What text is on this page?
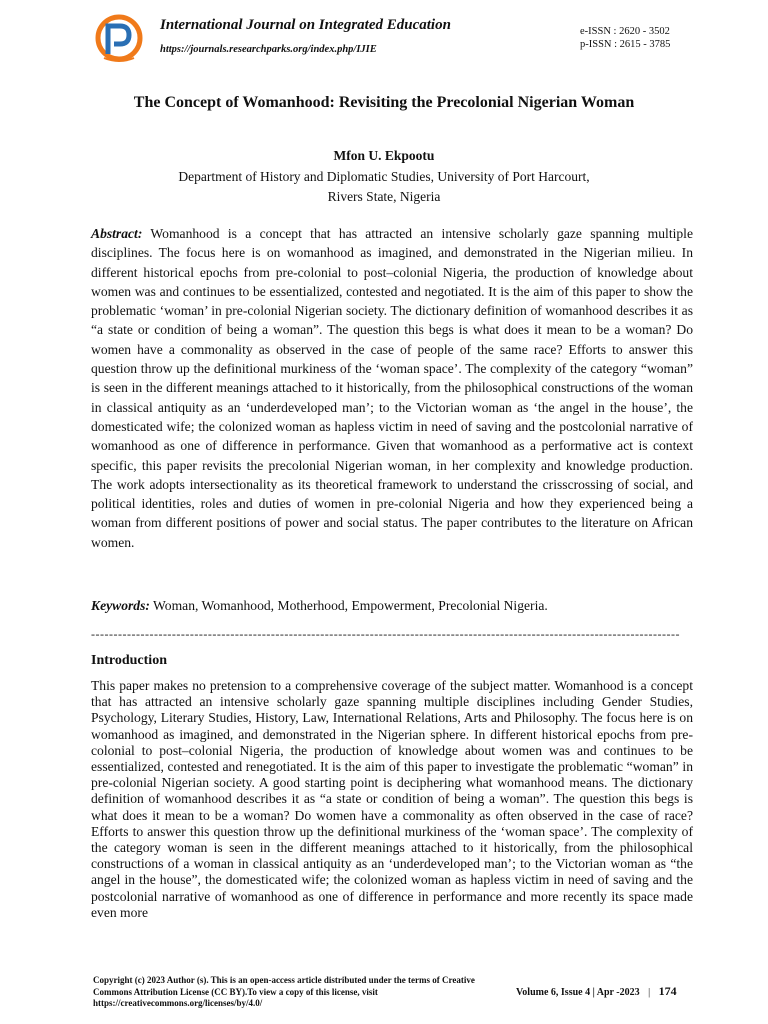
International Journal on Integrated Education
https://journals.researchparks.org/index.php/IJIE
e-ISSN : 2620 - 3502
p-ISSN : 2615 - 3785
The Concept of Womanhood: Revisiting the Precolonial Nigerian Woman
Mfon U. Ekpootu
Department of History and Diplomatic Studies, University of Port Harcourt,
Rivers State, Nigeria

Abstract: Womanhood is a concept that has attracted an intensive scholarly gaze spanning multiple disciplines. The focus here is on womanhood as imagined, and demonstrated in the Nigerian milieu. In different historical epochs from pre-colonial to post–colonial Nigeria, the production of knowledge about women was and continues to be essentialized, contested and negotiated. It is the aim of this paper to show the problematic ‘woman’ in pre-colonial Nigerian society. The dictionary definition of womanhood describes it as “a state or condition of being a woman”. The question this begs is what does it mean to be a woman? Do women have a commonality as observed in the case of people of the same race? Efforts to answer this question throw up the definitional murkiness of the ‘woman space’. The complexity of the category “woman” is seen in the different meanings attached to it historically, from the philosophical constructions of the woman in classical antiquity as an ‘underdeveloped man’; to the Victorian woman as ‘the angel in the house’, the domesticated wife; the colonized woman as hapless victim in need of saving and the postcolonial narrative of womanhood as one of difference in performance. Given that womanhood as a performative act is context specific, this paper revisits the precolonial Nigerian woman, in her complexity and knowledge production. The work adopts intersectionality as its theoretical framework to understand the crisscrossing of social, and political identities, roles and duties of women in pre-colonial Nigeria and how they experienced being a woman from different positions of power and social status. The paper contributes to the literature on African women.

Keywords: Woman, Womanhood, Motherhood, Empowerment, Precolonial Nigeria.

-----------------------------------------------------------------------------------------------------------------------------------
Introduction

This paper makes no pretension to a comprehensive coverage of the subject matter. Womanhood is a concept that has attracted an intensive scholarly gaze spanning multiple disciplines including Gender Studies, Psychology, Literary Studies, History, Law, International Relations, Arts and Philosophy. The focus here is on womanhood as imagined, and demonstrated in the Nigerian sphere. In different historical epochs from pre-colonial to post–colonial Nigeria, the production of knowledge about women was and continues to be essentialized, contested and renegotiated. It is the aim of this paper to investigate the problematic “woman” in pre-colonial Nigerian society. A good starting point is deciphering what womanhood means. The dictionary definition of womanhood describes it as “a state or condition of being a woman”. The question this begs is what does it mean to be a woman? Do women have a commonality as often observed in the case of race? Efforts to answer this question throw up the definitional murkiness of the ‘woman space’. The complexity of the category woman is seen in the different meanings attached to it historically, from the philosophical constructions of a woman in classical antiquity as an ‘underdeveloped man’; to the Victorian woman as “the angel in the house”, the domesticated wife; the colonized woman as hapless victim in need of saving and the postcolonial narrative of womanhood as one of difference in performance and more recently its space made even more

Copyright (c) 2023 Author (s). This is an open-access article distributed under the terms of Creative Commons Attribution License (CC BY).To view a copy of this license, visit https://creativecommons.org/licenses/by/4.0/

Volume 6, Issue 4 | Apr -2023 | 174
